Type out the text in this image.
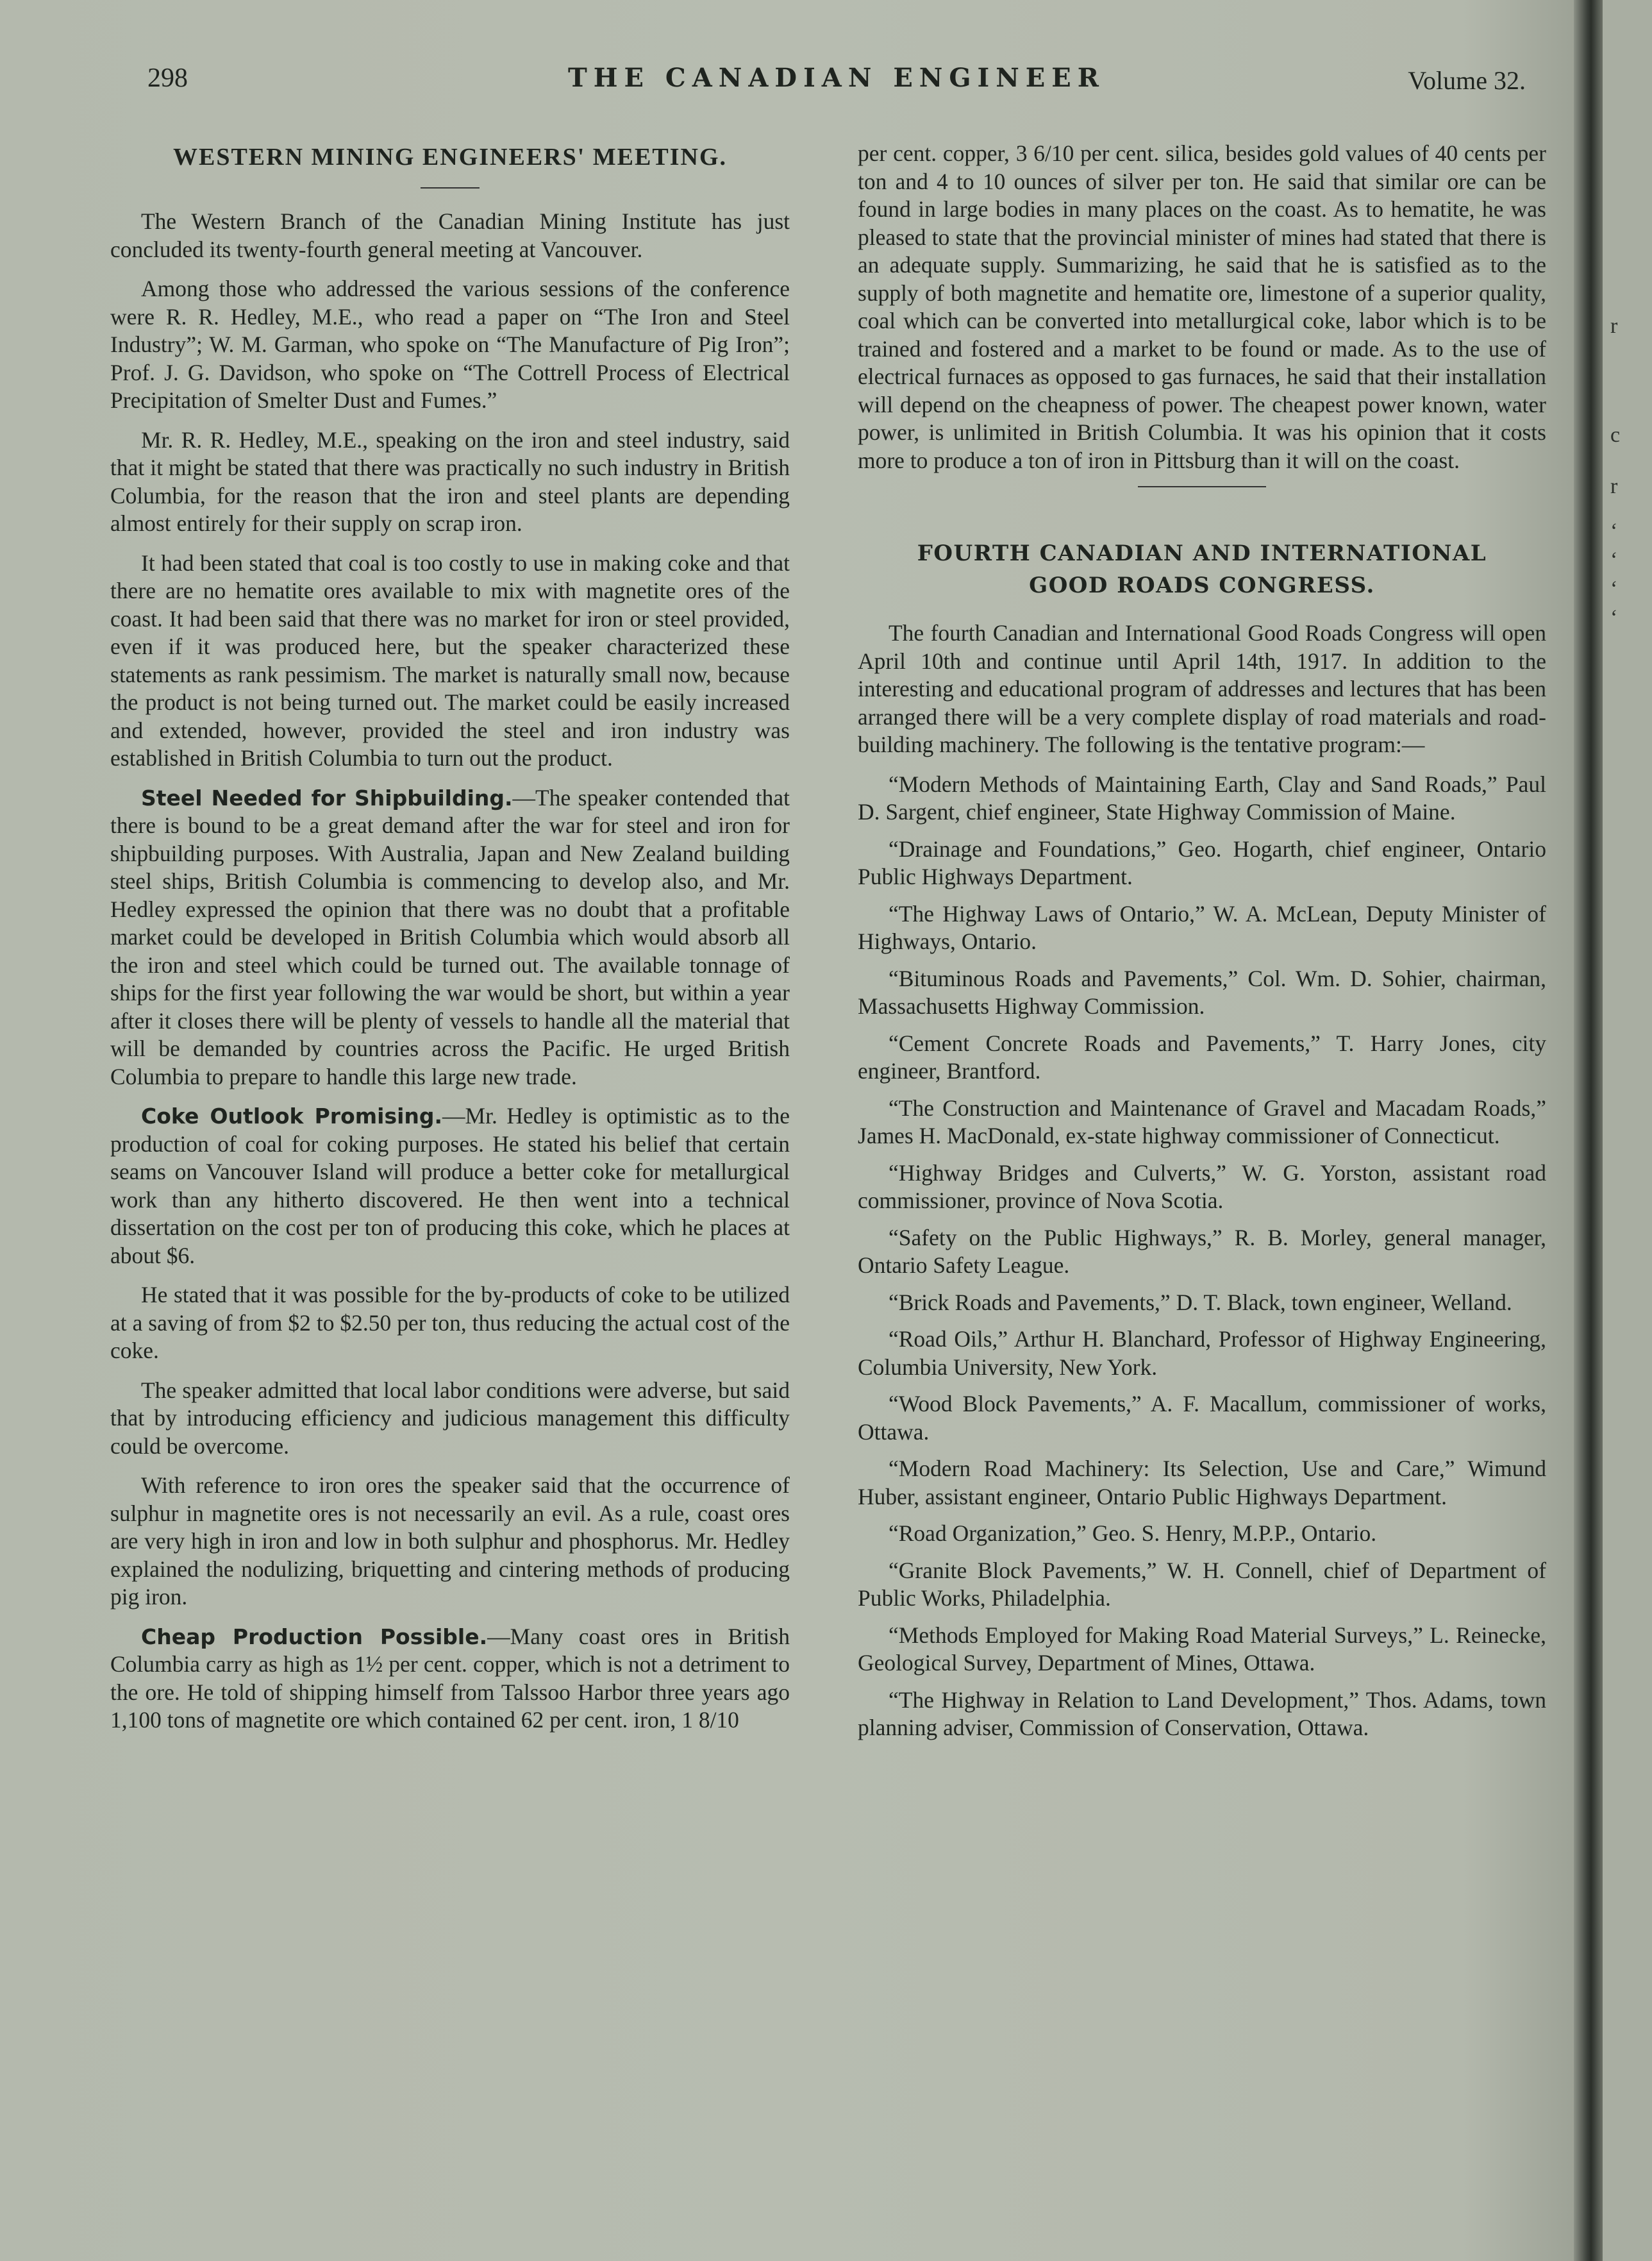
r
c
r
‘
‘
‘
‘
298	THE CANADIAN ENGINEER	Volume 32.
WESTERN MINING ENGINEERS' MEETING.

The Western Branch of the Canadian Mining Institute has just concluded its twenty-fourth general meeting at Vancouver.

Among those who addressed the various sessions of the conference were R. R. Hedley, M.E., who read a paper on “The Iron and Steel Industry”; W. M. Garman, who spoke on “The Manufacture of Pig Iron”; Prof. J. G. Davidson, who spoke on “The Cottrell Process of Electrical Precipitation of Smelter Dust and Fumes.”

Mr. R. R. Hedley, M.E., speaking on the iron and steel industry, said that it might be stated that there was practically no such industry in British Columbia, for the reason that the iron and steel plants are depending almost entirely for their supply on scrap iron.

It had been stated that coal is too costly to use in making coke and that there are no hematite ores available to mix with magnetite ores of the coast. It had been said that there was no market for iron or steel provided, even if it was produced here, but the speaker characterized these statements as rank pessimism. The market is naturally small now, because the product is not being turned out. The market could be easily increased and extended, however, provided the steel and iron industry was established in British Columbia to turn out the product.

Steel Needed for Shipbuilding.—The speaker contended that there is bound to be a great demand after the war for steel and iron for shipbuilding purposes. With Australia, Japan and New Zealand building steel ships, British Columbia is commencing to develop also, and Mr. Hedley expressed the opinion that there was no doubt that a profitable market could be developed in British Columbia which would absorb all the iron and steel which could be turned out. The available tonnage of ships for the first year following the war would be short, but within a year after it closes there will be plenty of vessels to handle all the material that will be demanded by countries across the Pacific. He urged British Columbia to prepare to handle this large new trade.

Coke Outlook Promising.—Mr. Hedley is optimistic as to the production of coal for coking purposes. He stated his belief that certain seams on Vancouver Island will produce a better coke for metallurgical work than any hitherto discovered. He then went into a technical dissertation on the cost per ton of producing this coke, which he places at about $6.

He stated that it was possible for the by-products of coke to be utilized at a saving of from $2 to $2.50 per ton, thus reducing the actual cost of the coke.

The speaker admitted that local labor conditions were adverse, but said that by introducing efficiency and judicious management this difficulty could be overcome.

With reference to iron ores the speaker said that the occurrence of sulphur in magnetite ores is not necessarily an evil. As a rule, coast ores are very high in iron and low in both sulphur and phosphorus. Mr. Hedley explained the nodulizing, briquetting and cintering methods of producing pig iron.

Cheap Production Possible.—Many coast ores in British Columbia carry as high as 1½ per cent. copper, which is not a detriment to the ore. He told of shipping himself from Talssoo Harbor three years ago 1,100 tons of magnetite ore which contained 62 per cent. iron, 1 8/10

per cent. copper, 3 6/10 per cent. silica, besides gold values of 40 cents per ton and 4 to 10 ounces of silver per ton. He said that similar ore can be found in large bodies in many places on the coast. As to hematite, he was pleased to state that the provincial minister of mines had stated that there is an adequate supply. Summarizing, he said that he is satisfied as to the supply of both magnetite and hematite ore, limestone of a superior quality, coal which can be converted into metallurgical coke, labor which is to be trained and fostered and a market to be found or made. As to the use of electrical furnaces as opposed to gas furnaces, he said that their installation will depend on the cheapness of power. The cheapest power known, water power, is unlimited in British Columbia. It was his opinion that it costs more to produce a ton of iron in Pittsburg than it will on the coast.

FOURTH CANADIAN AND INTERNATIONAL
GOOD ROADS CONGRESS.

The fourth Canadian and International Good Roads Congress will open April 10th and continue until April 14th, 1917. In addition to the interesting and educational program of addresses and lectures that has been arranged there will be a very complete display of road materials and road-building machinery. The following is the tentative program:—

“Modern Methods of Maintaining Earth, Clay and Sand Roads,” Paul D. Sargent, chief engineer, State Highway Commission of Maine.

“Drainage and Foundations,” Geo. Hogarth, chief engineer, Ontario Public Highways Department.

“The Highway Laws of Ontario,” W. A. McLean, Deputy Minister of Highways, Ontario.

“Bituminous Roads and Pavements,” Col. Wm. D. Sohier, chairman, Massachusetts Highway Commission.

“Cement Concrete Roads and Pavements,” T. Harry Jones, city engineer, Brantford.

“The Construction and Maintenance of Gravel and Macadam Roads,” James H. MacDonald, ex-state highway commissioner of Connecticut.

“Highway Bridges and Culverts,” W. G. Yorston, assistant road commissioner, province of Nova Scotia.

“Safety on the Public Highways,” R. B. Morley, general manager, Ontario Safety League.

“Brick Roads and Pavements,” D. T. Black, town engineer, Welland.

“Road Oils,” Arthur H. Blanchard, Professor of Highway Engineering, Columbia University, New York.

“Wood Block Pavements,” A. F. Macallum, commissioner of works, Ottawa.

“Modern Road Machinery: Its Selection, Use and Care,” Wimund Huber, assistant engineer, Ontario Public Highways Department.

“Road Organization,” Geo. S. Henry, M.P.P., Ontario.

“Granite Block Pavements,” W. H. Connell, chief of Department of Public Works, Philadelphia.

“Methods Employed for Making Road Material Surveys,” L. Reinecke, Geological Survey, Department of Mines, Ottawa.

“The Highway in Relation to Land Development,” Thos. Adams, town planning adviser, Commission of Conservation, Ottawa.
